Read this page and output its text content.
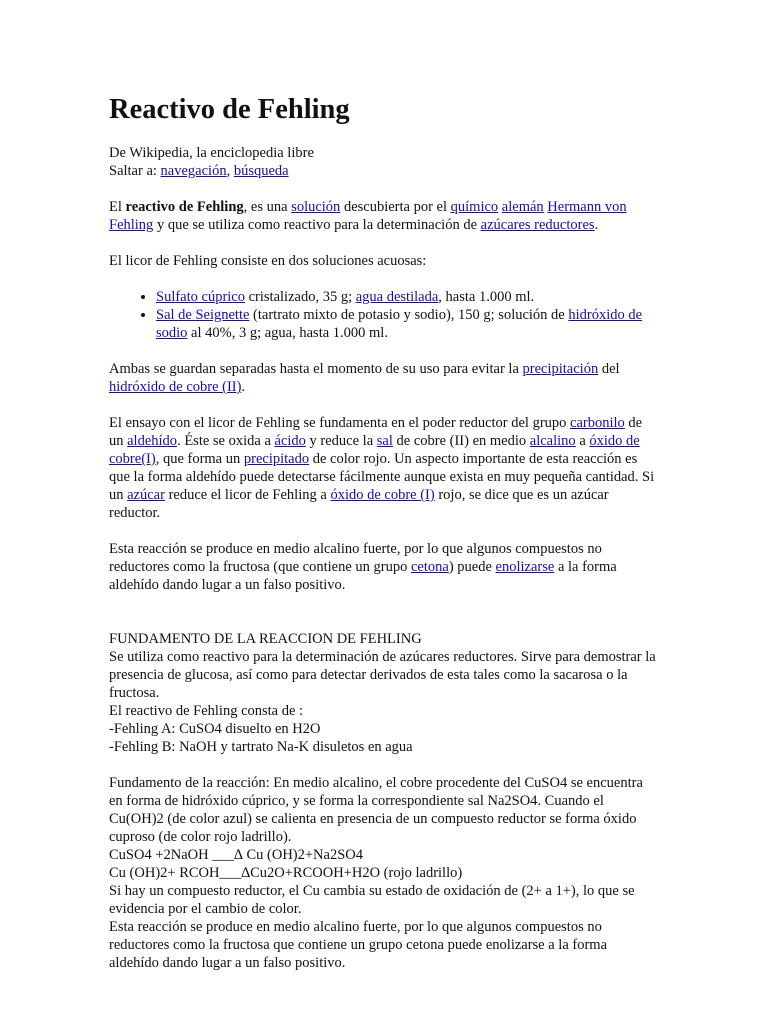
Reactivo de Fehling
De Wikipedia, la enciclopedia libre
Saltar a: navegación, búsqueda

El reactivo de Fehling, es una solución descubierta por el químico alemán Hermann von Fehling y que se utiliza como reactivo para la determinación de azúcares reductores.

El licor de Fehling consiste en dos soluciones acuosas:

• Sulfato cúprico cristalizado, 35 g; agua destilada, hasta 1.000 ml.
• Sal de Seignette (tartrato mixto de potasio y sodio), 150 g; solución de hidróxido de sodio al 40%, 3 g; agua, hasta 1.000 ml.

Ambas se guardan separadas hasta el momento de su uso para evitar la precipitación del hidróxido de cobre (II).

El ensayo con el licor de Fehling se fundamenta en el poder reductor del grupo carbonilo de un aldehído. Éste se oxida a ácido y reduce la sal de cobre (II) en medio alcalino a óxido de cobre(I), que forma un precipitado de color rojo. Un aspecto importante de esta reacción es que la forma aldehído puede detectarse fácilmente aunque exista en muy pequeña cantidad. Si un azúcar reduce el licor de Fehling a óxido de cobre (I) rojo, se dice que es un azúcar reductor.

Esta reacción se produce en medio alcalino fuerte, por lo que algunos compuestos no reductores como la fructosa (que contiene un grupo cetona) puede enolizarse a la forma aldehído dando lugar a un falso positivo.

FUNDAMENTO DE LA REACCION DE FEHLING
Se utiliza como reactivo para la determinación de azúcares reductores. Sirve para demostrar la presencia de glucosa, así como para detectar derivados de esta tales como la sacarosa o la fructosa.
El reactivo de Fehling consta de :
-Fehling A: CuSO4 disuelto en H2O
-Fehling B: NaOH y tartrato Na-K disuletos en agua
Fundamento de la reacción: En medio alcalino, el cobre procedente del CuSO4 se encuentra en forma de hidróxido cúprico, y se forma la correspondiente sal Na2SO4. Cuando el Cu(OH)2 (de color azul) se calienta en presencia de un compuesto reductor se forma óxido cuproso (de color rojo ladrillo).
CuSO4 +2NaOH ___∆ Cu (OH)2+Na2SO4
Cu (OH)2+ RCOH___∆Cu2O+RCOOH+H2O (rojo ladrillo)
Si hay un compuesto reductor, el Cu cambia su estado de oxidación de (2+ a 1+), lo que se evidencia por el cambio de color.
Esta reacción se produce en medio alcalino fuerte, por lo que algunos compuestos no reductores como la fructosa que contiene un grupo cetona puede enolizarse a la forma aldehído dando lugar a un falso positivo.
